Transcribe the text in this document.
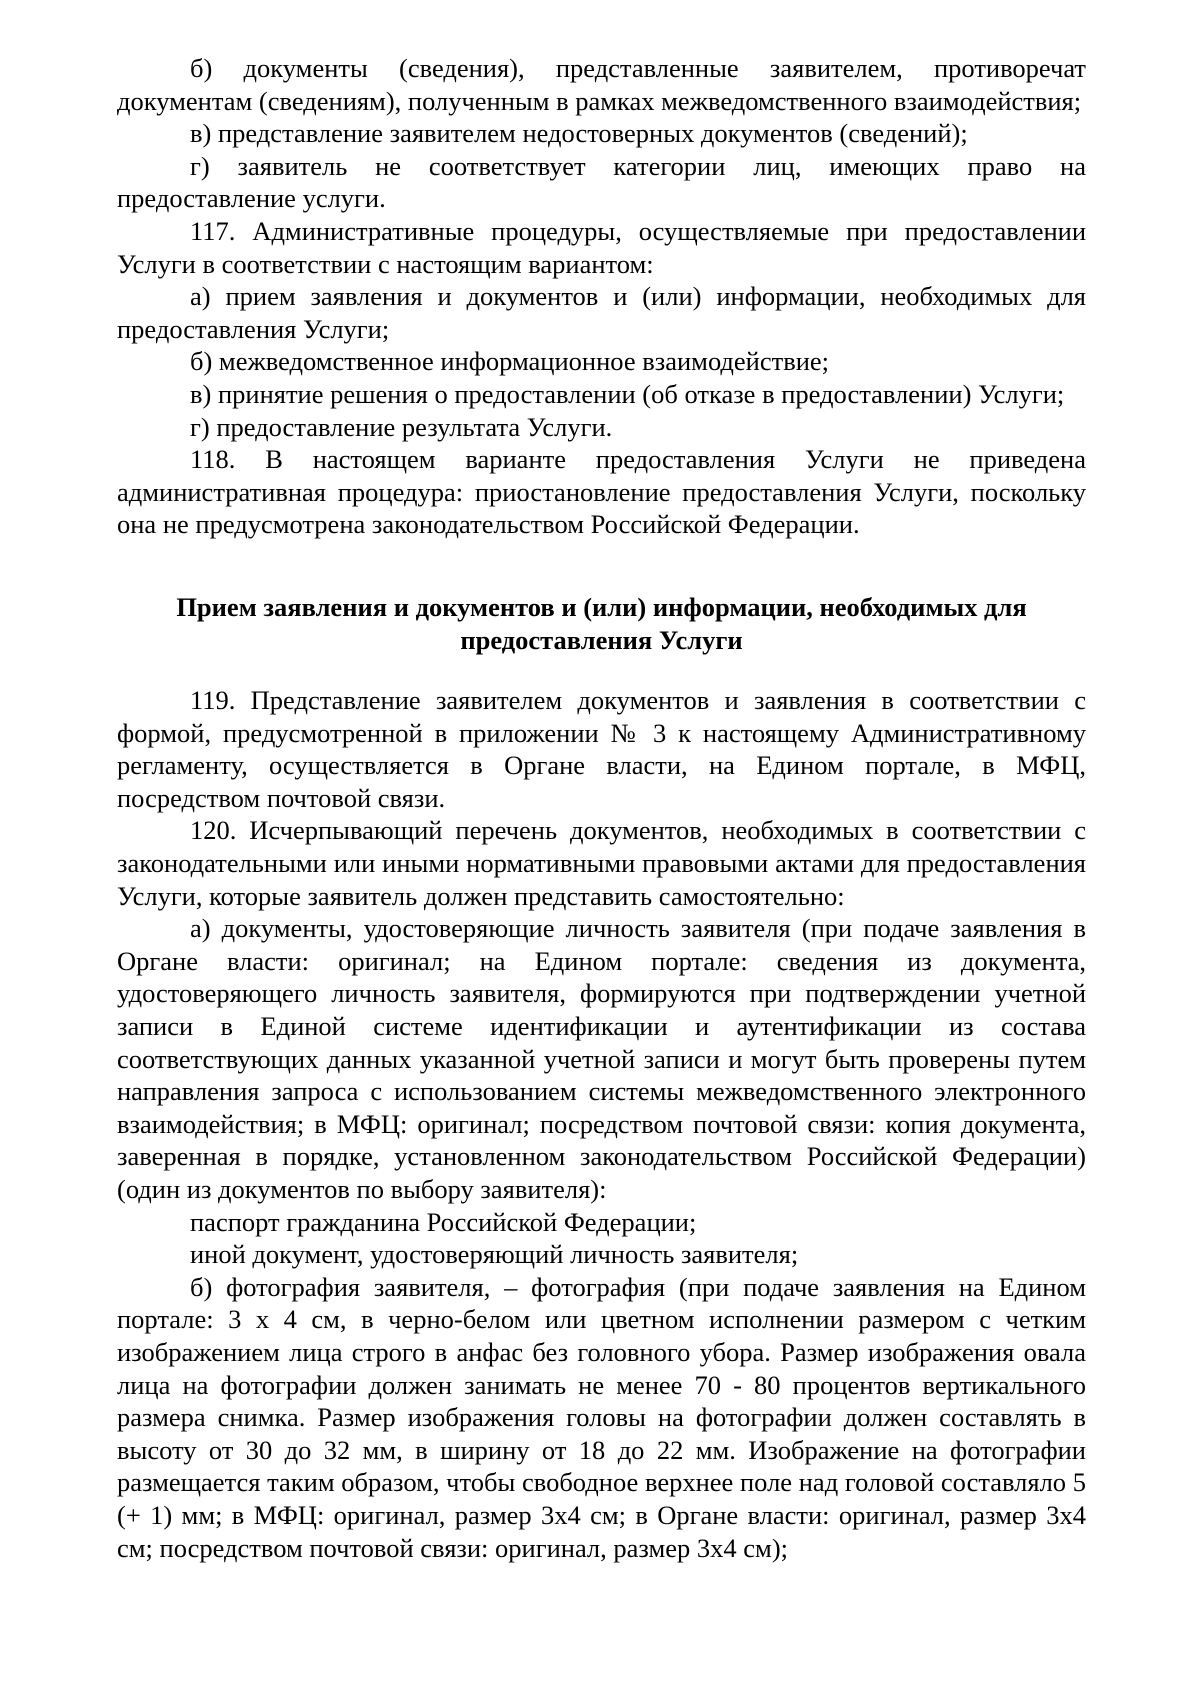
б) документы (сведения), представленные заявителем, противоречат документам (сведениям), полученным в рамках межведомственного взаимодействия;

в) представление заявителем недостоверных документов (сведений);

г) заявитель не соответствует категории лиц, имеющих право на предоставление услуги.

117. Административные процедуры, осуществляемые при предоставлении Услуги в соответствии с настоящим вариантом:

а) прием заявления и документов и (или) информации, необходимых для предоставления Услуги;

б) межведомственное информационное взаимодействие;

в) принятие решения о предоставлении (об отказе в предоставлении) Услуги;

г) предоставление результата Услуги.

118. В настоящем варианте предоставления Услуги не приведена административная процедура: приостановление предоставления Услуги, поскольку она не предусмотрена законодательством Российской Федерации.

Прием заявления и документов и (или) информации, необходимых для
предоставления Услуги

119. Представление заявителем документов и заявления в соответствии с формой, предусмотренной в приложении № 3 к настоящему Административному регламенту, осуществляется в Органе власти, на Едином портале, в МФЦ, посредством почтовой связи.

120. Исчерпывающий перечень документов, необходимых в соответствии с законодательными или иными нормативными правовыми актами для предоставления Услуги, которые заявитель должен представить самостоятельно:

а) документы, удостоверяющие личность заявителя (при подаче заявления в Органе власти: оригинал; на Едином портале: сведения из документа, удостоверяющего личность заявителя, формируются при подтверждении учетной записи в Единой системе идентификации и аутентификации из состава соответствующих данных указанной учетной записи и могут быть проверены путем направления запроса с использованием системы межведомственного электронного взаимодействия; в МФЦ: оригинал; посредством почтовой связи: копия документа, заверенная в порядке, установленном законодательством Российской Федерации) (один из документов по выбору заявителя):

паспорт гражданина Российской Федерации;

иной документ, удостоверяющий личность заявителя;

б) фотография заявителя, – фотография (при подаче заявления на Едином портале: 3 х 4 см, в черно-белом или цветном исполнении размером с четким изображением лица строго в анфас без головного убора. Размер изображения овала лица на фотографии должен занимать не менее 70 - 80 процентов вертикального размера снимка. Размер изображения головы на фотографии должен составлять в высоту от 30 до 32 мм, в ширину от 18 до 22 мм. Изображение на фотографии размещается таким образом, чтобы свободное верхнее поле над головой составляло 5 (+ 1) мм; в МФЦ: оригинал, размер 3х4 см; в Органе власти: оригинал, размер 3х4 см; посредством почтовой связи: оригинал, размер 3х4 см);
